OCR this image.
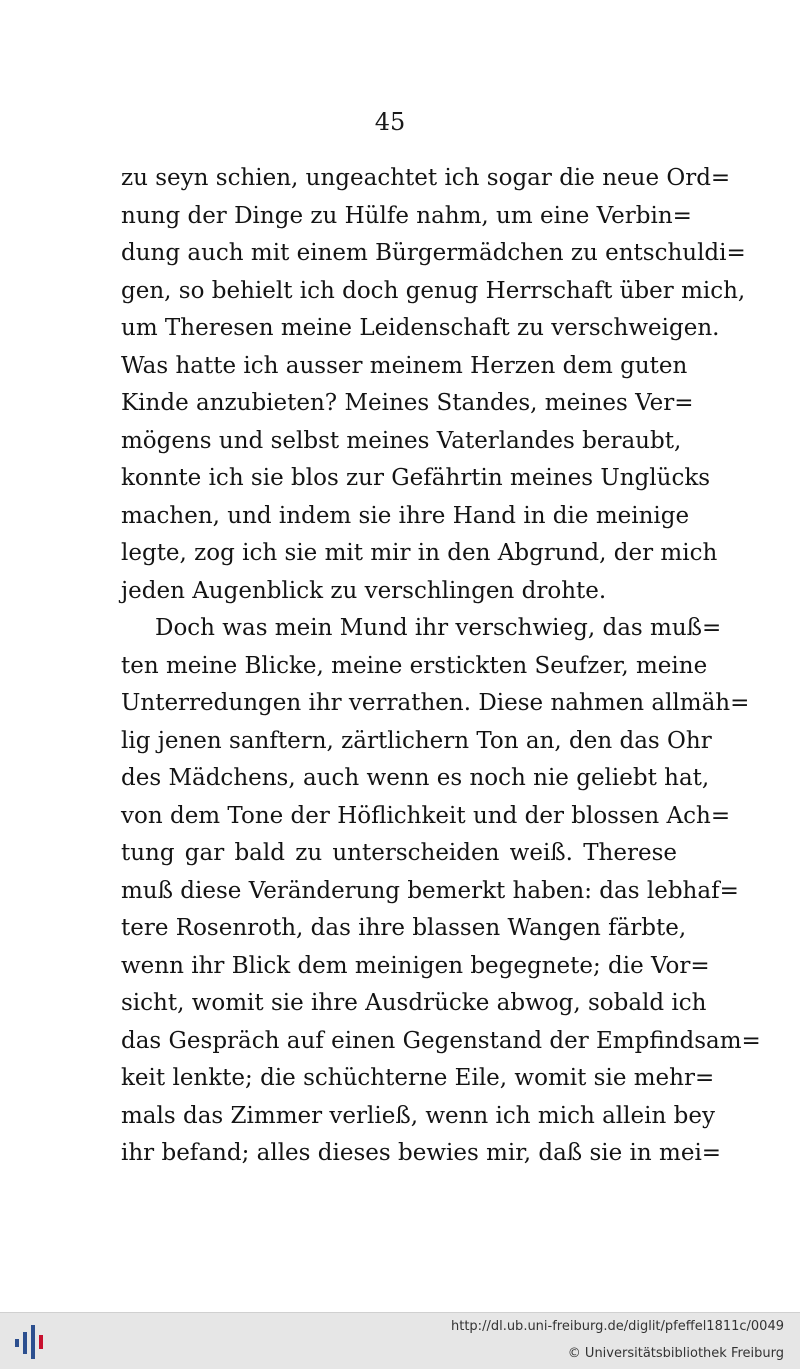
45
zu seyn schien, ungeachtet ich sogar die neue Ord=
nung der Dinge zu Hülfe nahm, um eine Verbin=
dung auch mit einem Bürgermädchen zu entschuldi=
gen, so behielt ich doch genug Herrschaft über mich,
um Theresen meine Leidenschaft zu verschweigen.
Was hatte ich ausser meinem Herzen dem guten
Kinde anzubieten? Meines Standes, meines Ver=
mögens und selbst meines Vaterlandes beraubt,
konnte ich sie blos zur Gefährtin meines Unglücks
machen, und indem sie ihre Hand in die meinige
legte, zog ich sie mit mir in den Abgrund, der mich
jeden Augenblick zu verschlingen drohte.
Doch was mein Mund ihr verschwieg, das muß=
ten meine Blicke, meine erstickten Seufzer, meine
Unterredungen ihr verrathen. Diese nahmen allmäh=
lig jenen sanftern, zärtlichern Ton an, den das Ohr
des Mädchens, auch wenn es noch nie geliebt hat,
von dem Tone der Höflichkeit und der blossen Ach=
tung gar bald zu unterscheiden weiß. Therese
muß diese Veränderung bemerkt haben: das lebhaf=
tere Rosenroth, das ihre blassen Wangen färbte,
wenn ihr Blick dem meinigen begegnete; die Vor=
sicht, womit sie ihre Ausdrücke abwog, sobald ich
das Gespräch auf einen Gegenstand der Empfindsam=
keit lenkte; die schüchterne Eile, womit sie mehr=
mals das Zimmer verließ, wenn ich mich allein bey
ihr befand; alles dieses bewies mir, daß sie in mei=
http://dl.ub.uni-freiburg.de/diglit/pfeffel1811c/0049
© Universitätsbibliothek Freiburg
